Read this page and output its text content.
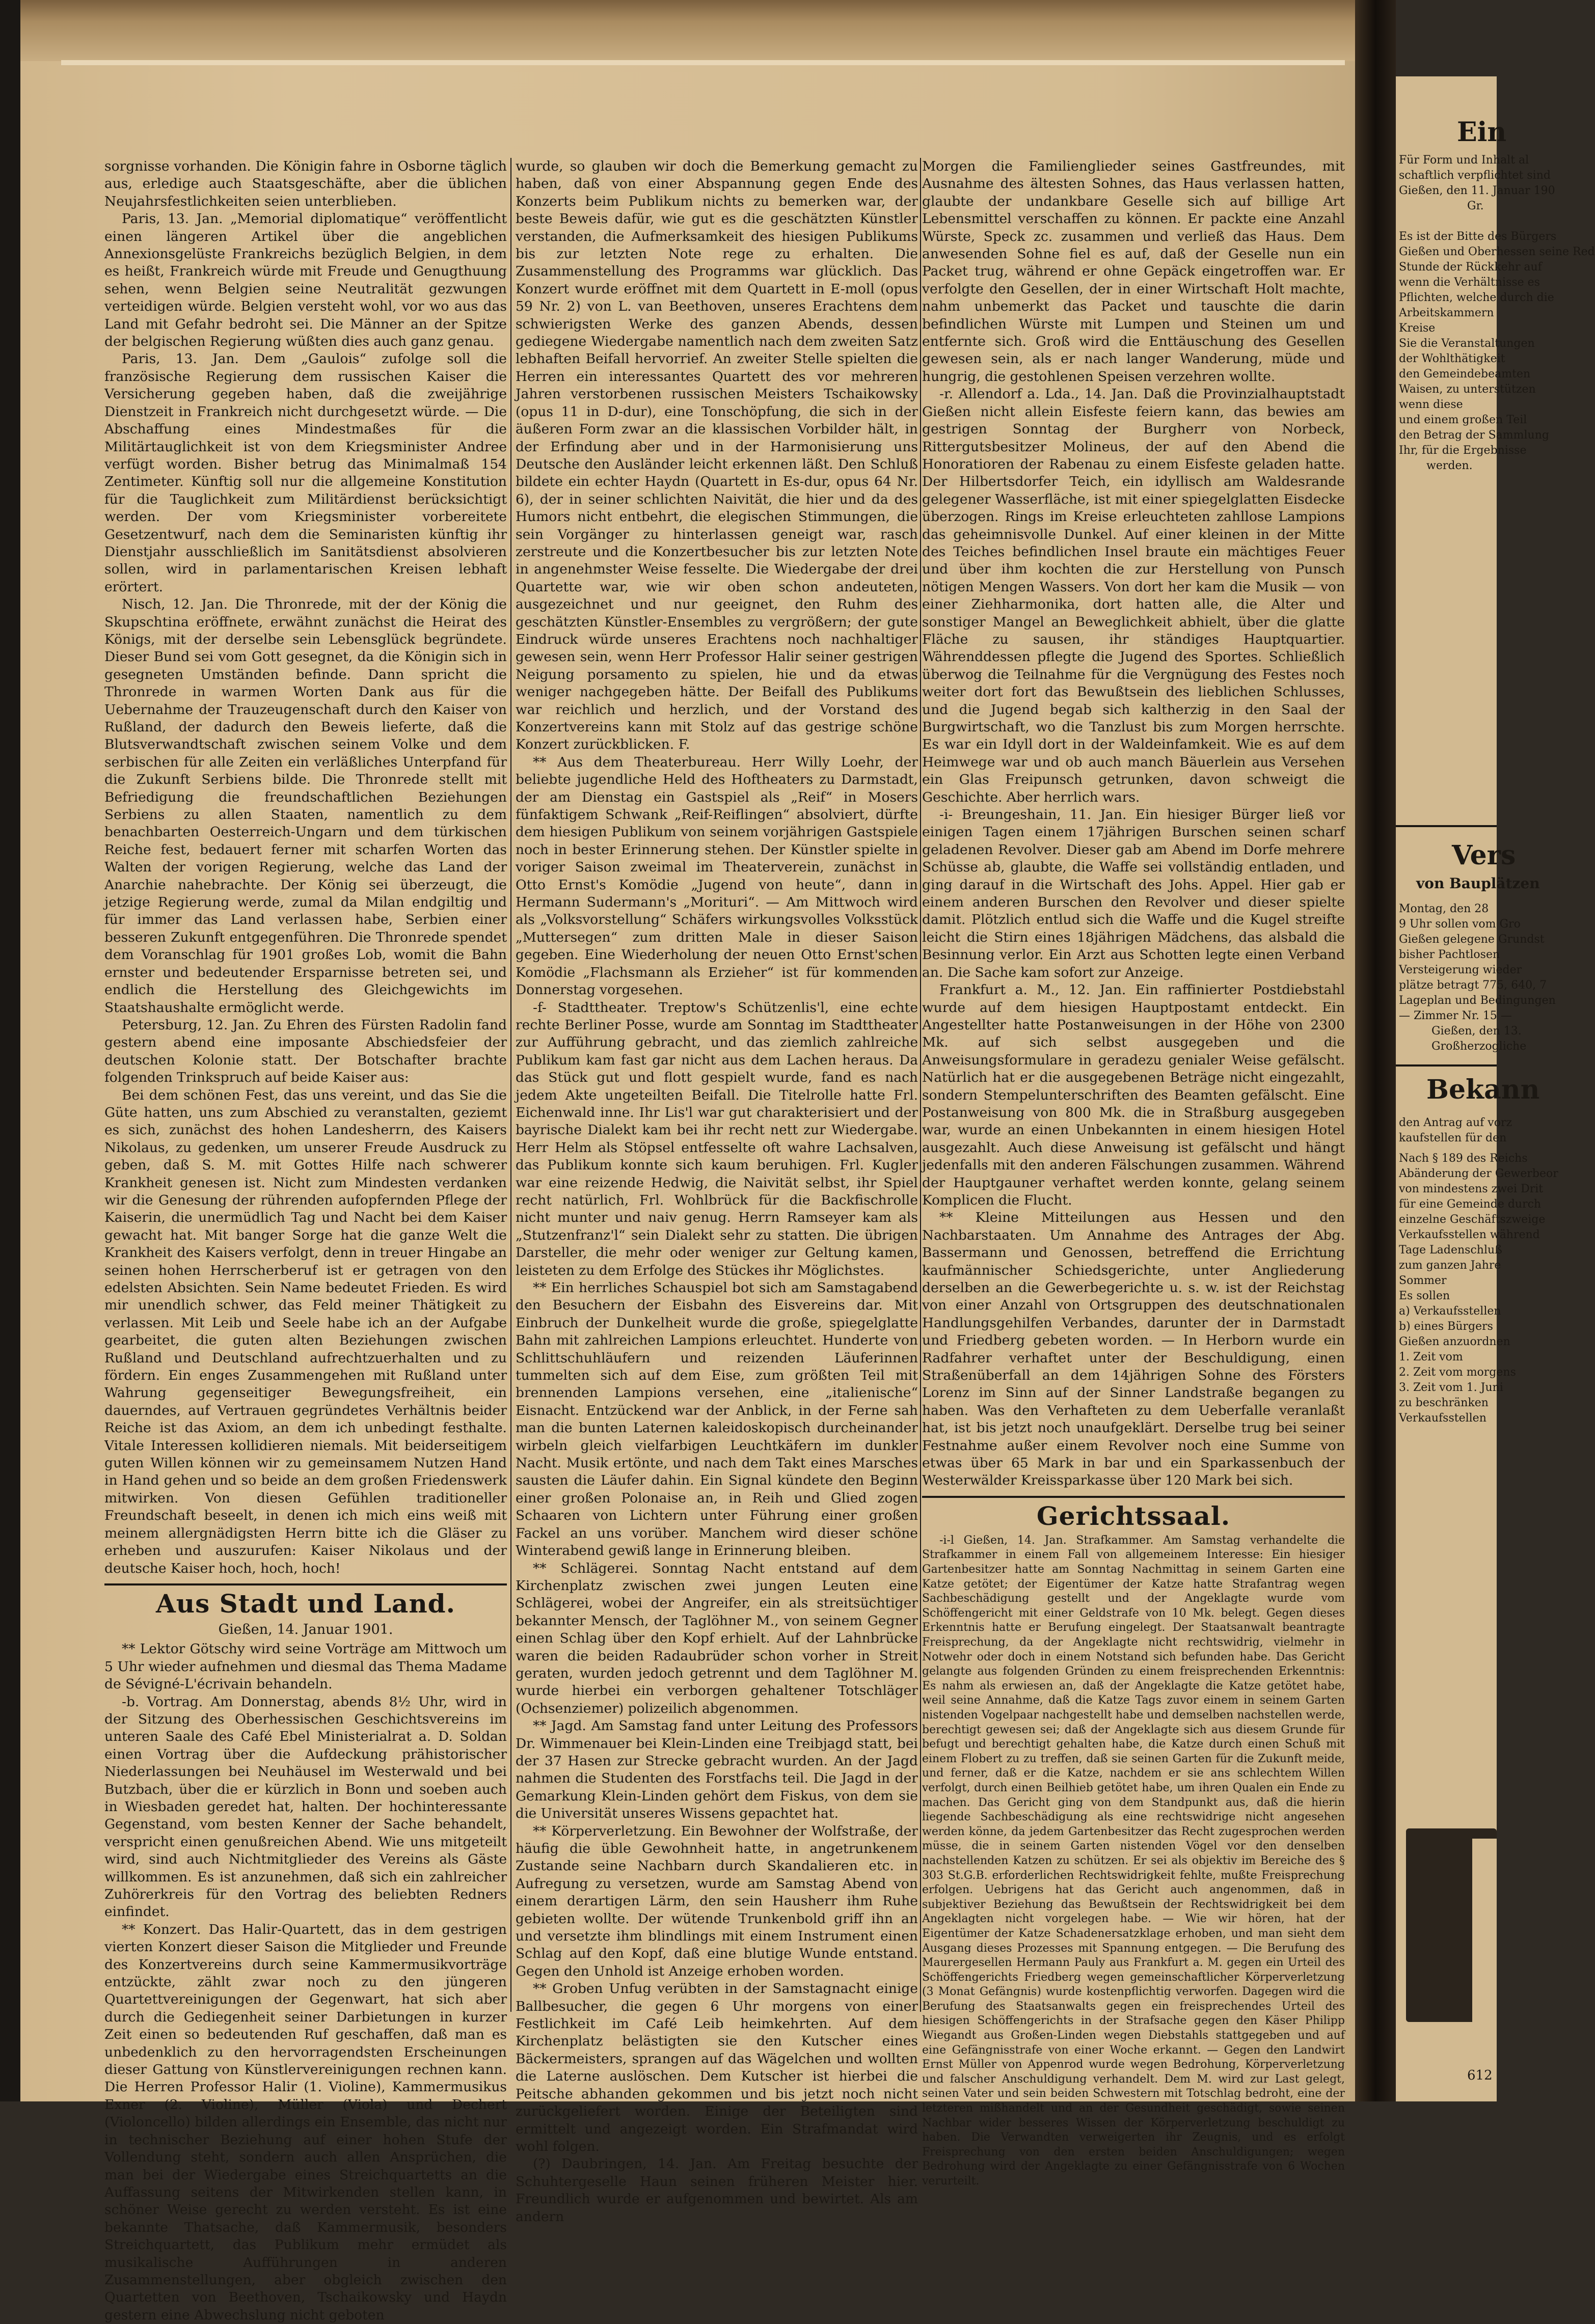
sorgnisse vorhanden. Die Königin fahre in Osborne täglich aus, erledige auch Staatsgeschäfte, aber die üblichen Neujahrsfestlichkeiten seien unterblieben.

Paris, 13. Jan. „Memorial diplomatique“ veröffentlicht einen längeren Artikel über die angeblichen Annexionsgelüste Frankreichs bezüglich Belgien, in dem es heißt, Frankreich würde mit Freude und Genugthuung sehen, wenn Belgien seine Neutralität gezwungen verteidigen würde. Belgien versteht wohl, vor wo aus das Land mit Gefahr bedroht sei. Die Männer an der Spitze der belgischen Regierung wüßten dies auch ganz genau.

Paris, 13. Jan. Dem „Gaulois“ zufolge soll die französische Regierung dem russischen Kaiser die Versicherung gegeben haben, daß die zweijährige Dienstzeit in Frankreich nicht durchgesetzt würde. — Die Abschaffung eines Mindestmaßes für die Militärtauglichkeit ist von dem Kriegsminister Andree verfügt worden. Bisher betrug das Minimalmaß 154 Zentimeter. Künftig soll nur die allgemeine Konstitution für die Tauglichkeit zum Militärdienst berücksichtigt werden. Der vom Kriegsminister vorbereitete Gesetzentwurf, nach dem die Seminaristen künftig ihr Dienstjahr ausschließlich im Sanitätsdienst absolvieren sollen, wird in parlamentarischen Kreisen lebhaft erörtert.

Nisch, 12. Jan. Die Thronrede, mit der der König die Skupschtina eröffnete, erwähnt zunächst die Heirat des Königs, mit der derselbe sein Lebensglück begründete. Dieser Bund sei vom Gott gesegnet, da die Königin sich in gesegneten Umständen befinde. Dann spricht die Thronrede in warmen Worten Dank aus für die Uebernahme der Trauzeugenschaft durch den Kaiser von Rußland, der dadurch den Beweis lieferte, daß die Blutsverwandtschaft zwischen seinem Volke und dem serbischen für alle Zeiten ein verläßliches Unterpfand für die Zukunft Serbiens bilde. Die Thronrede stellt mit Befriedigung die freundschaftlichen Beziehungen Serbiens zu allen Staaten, namentlich zu dem benachbarten Oesterreich-Ungarn und dem türkischen Reiche fest, bedauert ferner mit scharfen Worten das Walten der vorigen Regierung, welche das Land der Anarchie nahebrachte. Der König sei überzeugt, die jetzige Regierung werde, zumal da Milan endgiltig und für immer das Land verlassen habe, Serbien einer besseren Zukunft entgegenführen. Die Thronrede spendet dem Voranschlag für 1901 großes Lob, womit die Bahn ernster und bedeutender Ersparnisse betreten sei, und endlich die Herstellung des Gleichgewichts im Staatshaushalte ermöglicht werde.

Petersburg, 12. Jan. Zu Ehren des Fürsten Radolin fand gestern abend eine imposante Abschiedsfeier der deutschen Kolonie statt. Der Botschafter brachte folgenden Trinkspruch auf beide Kaiser aus:

Bei dem schönen Fest, das uns vereint, und das Sie die Güte hatten, uns zum Abschied zu veranstalten, geziemt es sich, zunächst des hohen Landesherrn, des Kaisers Nikolaus, zu gedenken, um unserer Freude Ausdruck zu geben, daß S. M. mit Gottes Hilfe nach schwerer Krankheit genesen ist. Nicht zum Mindesten verdanken wir die Genesung der rührenden aufopfernden Pflege der Kaiserin, die unermüdlich Tag und Nacht bei dem Kaiser gewacht hat. Mit banger Sorge hat die ganze Welt die Krankheit des Kaisers verfolgt, denn in treuer Hingabe an seinen hohen Herrscherberuf ist er getragen von den edelsten Absichten. Sein Name bedeutet Frieden. Es wird mir unendlich schwer, das Feld meiner Thätigkeit zu verlassen. Mit Leib und Seele habe ich an der Aufgabe gearbeitet, die guten alten Beziehungen zwischen Rußland und Deutschland aufrechtzuerhalten und zu fördern. Ein enges Zusammengehen mit Rußland unter Wahrung gegenseitiger Bewegungsfreiheit, ein dauerndes, auf Vertrauen gegründetes Verhältnis beider Reiche ist das Axiom, an dem ich unbedingt festhalte. Vitale Interessen kollidieren niemals. Mit beiderseitigem guten Willen können wir zu gemeinsamem Nutzen Hand in Hand gehen und so beide an dem großen Friedenswerk mitwirken. Von diesen Gefühlen traditioneller Freundschaft beseelt, in denen ich mich eins weiß mit meinem allergnädigsten Herrn bitte ich die Gläser zu erheben und auszurufen: Kaiser Nikolaus und der deutsche Kaiser hoch, hoch, hoch!

Aus Stadt und Land.
Gießen, 14. Januar 1901.

** Lektor Götschy wird seine Vorträge am Mittwoch um 5 Uhr wieder aufnehmen und diesmal das Thema Madame de Sévigné-L'écrivain behandeln.

-b. Vortrag. Am Donnerstag, abends 8½ Uhr, wird in der Sitzung des Oberhessischen Geschichtsvereins im unteren Saale des Café Ebel Ministerialrat a. D. Soldan einen Vortrag über die Aufdeckung prähistorischer Niederlassungen bei Neuhäusel im Westerwald und bei Butzbach, über die er kürzlich in Bonn und soeben auch in Wiesbaden geredet hat, halten. Der hochinteressante Gegenstand, vom besten Kenner der Sache behandelt, verspricht einen genußreichen Abend. Wie uns mitgeteilt wird, sind auch Nichtmitglieder des Vereins als Gäste willkommen. Es ist anzunehmen, daß sich ein zahlreicher Zuhörerkreis für den Vortrag des beliebten Redners einfindet.

** Konzert. Das Halir-Quartett, das in dem gestrigen vierten Konzert dieser Saison die Mitglieder und Freunde des Konzertvereins durch seine Kammermusikvorträge entzückte, zählt zwar noch zu den jüngeren Quartettvereinigungen der Gegenwart, hat sich aber durch die Gediegenheit seiner Darbietungen in kurzer Zeit einen so bedeutenden Ruf geschaffen, daß man es unbedenklich zu den hervorragendsten Erscheinungen dieser Gattung von Künstlervereinigungen rechnen kann. Die Herren Professor Halir (1. Violine), Kammermusikus Exner (2. Violine), Müller (Viola) und Dechert (Violoncello) bilden allerdings ein Ensemble, das nicht nur in technischer Beziehung auf einer hohen Stufe der Vollendung steht, sondern auch allen Ansprüchen, die man bei der Wiedergabe eines Streichquartetts an die Auffassung seitens der Mitwirkenden stellen kann, in schöner Weise gerecht zu werden versteht. Es ist eine bekannte Thatsache, daß Kammermusik, besonders Streichquartett, das Publikum mehr ermüdet als musikalische Aufführungen in anderen Zusammenstellungen, aber obgleich zwischen den Quartetten von Beethoven, Tschaikowsky und Haydn gestern eine Abwechslung nicht geboten

wurde, so glauben wir doch die Bemerkung gemacht zu haben, daß von einer Abspannung gegen Ende des Konzerts beim Publikum nichts zu bemerken war, der beste Beweis dafür, wie gut es die geschätzten Künstler verstanden, die Aufmerksamkeit des hiesigen Publikums bis zur letzten Note rege zu erhalten. Die Zusammenstellung des Programms war glücklich. Das Konzert wurde eröffnet mit dem Quartett in E-moll (opus 59 Nr. 2) von L. van Beethoven, unseres Erachtens dem schwierigsten Werke des ganzen Abends, dessen gediegene Wiedergabe namentlich nach dem zweiten Satz lebhaften Beifall hervorrief. An zweiter Stelle spielten die Herren ein interessantes Quartett des vor mehreren Jahren verstorbenen russischen Meisters Tschaikowsky (opus 11 in D-dur), eine Tonschöpfung, die sich in der äußeren Form zwar an die klassischen Vorbilder hält, in der Erfindung aber und in der Harmonisierung uns Deutsche den Ausländer leicht erkennen läßt. Den Schluß bildete ein echter Haydn (Quartett in Es-dur, opus 64 Nr. 6), der in seiner schlichten Naivität, die hier und da des Humors nicht entbehrt, die elegischen Stimmungen, die sein Vorgänger zu hinterlassen geneigt war, rasch zerstreute und die Konzertbesucher bis zur letzten Note in angenehmster Weise fesselte. Die Wiedergabe der drei Quartette war, wie wir oben schon andeuteten, ausgezeichnet und nur geeignet, den Ruhm des geschätzten Künstler-Ensembles zu vergrößern; der gute Eindruck würde unseres Erachtens noch nachhaltiger gewesen sein, wenn Herr Professor Halir seiner gestrigen Neigung porsamento zu spielen, hie und da etwas weniger nachgegeben hätte. Der Beifall des Publikums war reichlich und herzlich, und der Vorstand des Konzertvereins kann mit Stolz auf das gestrige schöne Konzert zurückblicken. F.

** Aus dem Theaterbureau. Herr Willy Loehr, der beliebte jugendliche Held des Hoftheaters zu Darmstadt, der am Dienstag ein Gastspiel als „Reif“ in Mosers fünfaktigem Schwank „Reif-Reiflingen“ absolviert, dürfte dem hiesigen Publikum von seinem vorjährigen Gastspiele noch in bester Erinnerung stehen. Der Künstler spielte in voriger Saison zweimal im Theaterverein, zunächst in Otto Ernst's Komödie „Jugend von heute“, dann in Hermann Sudermann's „Morituri“. — Am Mittwoch wird als „Volksvorstellung“ Schäfers wirkungsvolles Volksstück „Muttersegen“ zum dritten Male in dieser Saison gegeben. Eine Wiederholung der neuen Otto Ernst'schen Komödie „Flachsmann als Erzieher“ ist für kommenden Donnerstag vorgesehen.

-f- Stadttheater. Treptow's Schützenlis'l, eine echte rechte Berliner Posse, wurde am Sonntag im Stadttheater zur Aufführung gebracht, und das ziemlich zahlreiche Publikum kam fast gar nicht aus dem Lachen heraus. Da das Stück gut und flott gespielt wurde, fand es nach jedem Akte ungeteilten Beifall. Die Titelrolle hatte Frl. Eichenwald inne. Ihr Lis'l war gut charakterisiert und der bayrische Dialekt kam bei ihr recht nett zur Wiedergabe. Herr Helm als Stöpsel entfesselte oft wahre Lachsalven, das Publikum konnte sich kaum beruhigen. Frl. Kugler war eine reizende Hedwig, die Naivität selbst, ihr Spiel recht natürlich, Frl. Wohlbrück für die Backfischrolle nicht munter und naiv genug. Herrn Ramseyer kam als „Stutzenfranz'l“ sein Dialekt sehr zu statten. Die übrigen Darsteller, die mehr oder weniger zur Geltung kamen, leisteten zu dem Erfolge des Stückes ihr Möglichstes.

** Ein herrliches Schauspiel bot sich am Samstagabend den Besuchern der Eisbahn des Eisvereins dar. Mit Einbruch der Dunkelheit wurde die große, spiegelglatte Bahn mit zahlreichen Lampions erleuchtet. Hunderte von Schlittschuhläufern und reizenden Läuferinnen tummelten sich auf dem Eise, zum größten Teil mit brennenden Lampions versehen, eine „italienische“ Eisnacht. Entzückend war der Anblick, in der Ferne sah man die bunten Laternen kaleidoskopisch durcheinander wirbeln gleich vielfarbigen Leuchtkäfern im dunkler Nacht. Musik ertönte, und nach dem Takt eines Marsches sausten die Läufer dahin. Ein Signal kündete den Beginn einer großen Polonaise an, in Reih und Glied zogen Schaaren von Lichtern unter Führung einer großen Fackel an uns vorüber. Manchem wird dieser schöne Winterabend gewiß lange in Erinnerung bleiben.

** Schlägerei. Sonntag Nacht entstand auf dem Kirchenplatz zwischen zwei jungen Leuten eine Schlägerei, wobei der Angreifer, ein als streitsüchtiger bekannter Mensch, der Taglöhner M., von seinem Gegner einen Schlag über den Kopf erhielt. Auf der Lahnbrücke waren die beiden Radaubrüder schon vorher in Streit geraten, wurden jedoch getrennt und dem Taglöhner M. wurde hierbei ein verborgen gehaltener Totschläger (Ochsenziemer) polizeilich abgenommen.

** Jagd. Am Samstag fand unter Leitung des Professors Dr. Wimmenauer bei Klein-Linden eine Treibjagd statt, bei der 37 Hasen zur Strecke gebracht wurden. An der Jagd nahmen die Studenten des Forstfachs teil. Die Jagd in der Gemarkung Klein-Linden gehört dem Fiskus, von dem sie die Universität unseres Wissens gepachtet hat.

** Körperverletzung. Ein Bewohner der Wolfstraße, der häufig die üble Gewohnheit hatte, in angetrunkenem Zustande seine Nachbarn durch Skandalieren etc. in Aufregung zu versetzen, wurde am Samstag Abend von einem derartigen Lärm, den sein Hausherr ihm Ruhe gebieten wollte. Der wütende Trunkenbold griff ihn an und versetzte ihm blindlings mit einem Instrument einen Schlag auf den Kopf, daß eine blutige Wunde entstand. Gegen den Unhold ist Anzeige erhoben worden.

** Groben Unfug verübten in der Samstagnacht einige Ballbesucher, die gegen 6 Uhr morgens von einer Festlichkeit im Café Leib heimkehrten. Auf dem Kirchenplatz belästigten sie den Kutscher eines Bäckermeisters, sprangen auf das Wägelchen und wollten die Laterne auslöschen. Dem Kutscher ist hierbei die Peitsche abhanden gekommen und bis jetzt noch nicht zurückgeliefert worden. Einige der Beteiligten sind ermittelt und angezeigt worden. Ein Strafmandat wird wohl folgen.

(?) Daubringen, 14. Jan. Am Freitag besuchte der Schuhtergeselle Haun seinen früheren Meister hier. Freundlich wurde er aufgenommen und bewirtet. Als am andern

Morgen die Familienglieder seines Gastfreundes, mit Ausnahme des ältesten Sohnes, das Haus verlassen hatten, glaubte der undankbare Geselle sich auf billige Art Lebensmittel verschaffen zu können. Er packte eine Anzahl Würste, Speck zc. zusammen und verließ das Haus. Dem anwesenden Sohne fiel es auf, daß der Geselle nun ein Packet trug, während er ohne Gepäck eingetroffen war. Er verfolgte den Gesellen, der in einer Wirtschaft Holt machte, nahm unbemerkt das Packet und tauschte die darin befindlichen Würste mit Lumpen und Steinen um und entfernte sich. Groß wird die Enttäuschung des Gesellen gewesen sein, als er nach langer Wanderung, müde und hungrig, die gestohlenen Speisen verzehren wollte.

-r. Allendorf a. Lda., 14. Jan. Daß die Provinzialhauptstadt Gießen nicht allein Eisfeste feiern kann, das bewies am gestrigen Sonntag der Burgherr von Norbeck, Rittergutsbesitzer Molineus, der auf den Abend die Honoratioren der Rabenau zu einem Eisfeste geladen hatte. Der Hilbertsdorfer Teich, ein idyllisch am Waldesrande gelegener Wasserfläche, ist mit einer spiegelglatten Eisdecke überzogen. Rings im Kreise erleuchteten zahllose Lampions das geheimnisvolle Dunkel. Auf einer kleinen in der Mitte des Teiches befindlichen Insel braute ein mächtiges Feuer und über ihm kochten die zur Herstellung von Punsch nötigen Mengen Wassers. Von dort her kam die Musik — von einer Ziehharmonika, dort hatten alle, die Alter und sonstiger Mangel an Beweglichkeit abhielt, über die glatte Fläche zu sausen, ihr ständiges Hauptquartier. Währenddessen pflegte die Jugend des Sportes. Schließlich überwog die Teilnahme für die Vergnügung des Festes noch weiter dort fort das Bewußtsein des lieblichen Schlusses, und die Jugend begab sich kaltherzig in den Saal der Burgwirtschaft, wo die Tanzlust bis zum Morgen herrschte. Es war ein Idyll dort in der Waldeinfamkeit. Wie es auf dem Heimwege war und ob auch manch Bäuerlein aus Versehen ein Glas Freipunsch getrunken, davon schweigt die Geschichte. Aber herrlich wars.

-i- Breungeshain, 11. Jan. Ein hiesiger Bürger ließ vor einigen Tagen einem 17jährigen Burschen seinen scharf geladenen Revolver. Dieser gab am Abend im Dorfe mehrere Schüsse ab, glaubte, die Waffe sei vollständig entladen, und ging darauf in die Wirtschaft des Johs. Appel. Hier gab er einem anderen Burschen den Revolver und dieser spielte damit. Plötzlich entlud sich die Waffe und die Kugel streifte leicht die Stirn eines 18jährigen Mädchens, das alsbald die Besinnung verlor. Ein Arzt aus Schotten legte einen Verband an. Die Sache kam sofort zur Anzeige.

Frankfurt a. M., 12. Jan. Ein raffinierter Postdiebstahl wurde auf dem hiesigen Hauptpostamt entdeckt. Ein Angestellter hatte Postanweisungen in der Höhe von 2300 Mk. auf sich selbst ausgegeben und die Anweisungsformulare in geradezu genialer Weise gefälscht. Natürlich hat er die ausgegebenen Beträge nicht eingezahlt, sondern Stempelunterschriften des Beamten gefälscht. Eine Postanweisung von 800 Mk. die in Straßburg ausgegeben war, wurde an einen Unbekannten in einem hiesigen Hotel ausgezahlt. Auch diese Anweisung ist gefälscht und hängt jedenfalls mit den anderen Fälschungen zusammen. Während der Hauptgauner verhaftet werden konnte, gelang seinem Komplicen die Flucht.

** Kleine Mitteilungen aus Hessen und den Nachbarstaaten. Um Annahme des Antrages der Abg. Bassermann und Genossen, betreffend die Errichtung kaufmännischer Schiedsgerichte, unter Angliederung derselben an die Gewerbegerichte u. s. w. ist der Reichstag von einer Anzahl von Ortsgruppen des deutschnationalen Handlungsgehilfen Verbandes, darunter der in Darmstadt und Friedberg gebeten worden. — In Herborn wurde ein Radfahrer verhaftet unter der Beschuldigung, einen Straßenüberfall an dem 14jährigen Sohne des Försters Lorenz im Sinn auf der Sinner Landstraße begangen zu haben. Was den Verhafteten zu dem Ueberfalle veranlaßt hat, ist bis jetzt noch unaufgeklärt. Derselbe trug bei seiner Festnahme außer einem Revolver noch eine Summe von etwas über 65 Mark in bar und ein Sparkassenbuch der Westerwälder Kreissparkasse über 120 Mark bei sich.

Gerichtssaal.

-i-l Gießen, 14. Jan. Strafkammer. Am Samstag verhandelte die Strafkammer in einem Fall von allgemeinem Interesse: Ein hiesiger Gartenbesitzer hatte am Sonntag Nachmittag in seinem Garten eine Katze getötet; der Eigentümer der Katze hatte Strafantrag wegen Sachbeschädigung gestellt und der Angeklagte wurde vom Schöffengericht mit einer Geldstrafe von 10 Mk. belegt. Gegen dieses Erkenntnis hatte er Berufung eingelegt. Der Staatsanwalt beantragte Freisprechung, da der Angeklagte nicht rechtswidrig, vielmehr in Notwehr oder doch in einem Notstand sich befunden habe. Das Gericht gelangte aus folgenden Gründen zu einem freisprechenden Erkenntnis: Es nahm als erwiesen an, daß der Angeklagte die Katze getötet habe, weil seine Annahme, daß die Katze Tags zuvor einem in seinem Garten nistenden Vogelpaar nachgestellt habe und demselben nachstellen werde, berechtigt gewesen sei; daß der Angeklagte sich aus diesem Grunde für befugt und berechtigt gehalten habe, die Katze durch einen Schuß mit einem Flobert zu zu treffen, daß sie seinen Garten für die Zukunft meide, und ferner, daß er die Katze, nachdem er sie ans schlechtem Willen verfolgt, durch einen Beilhieb getötet habe, um ihren Qualen ein Ende zu machen. Das Gericht ging von dem Standpunkt aus, daß die hierin liegende Sachbeschädigung als eine rechtswidrige nicht angesehen werden könne, da jedem Gartenbesitzer das Recht zugesprochen werden müsse, die in seinem Garten nistenden Vögel vor den denselben nachstellenden Katzen zu schützen. Er sei als objektiv im Bereiche des § 303 St.G.B. erforderlichen Rechtswidrigkeit fehlte, mußte Freisprechung erfolgen. Uebrigens hat das Gericht auch angenommen, daß in subjektiver Beziehung das Bewußtsein der Rechtswidrigkeit bei dem Angeklagten nicht vorgelegen habe. — Wie wir hören, hat der Eigentümer der Katze Schadenersatzklage erhoben, und man sieht dem Ausgang dieses Prozesses mit Spannung entgegen. — Die Berufung des Maurergesellen Hermann Pauly aus Frankfurt a. M. gegen ein Urteil des Schöffengerichts Friedberg wegen gemeinschaftlicher Körperverletzung (3 Monat Gefängnis) wurde kostenpflichtig verworfen. Dagegen wird die Berufung des Staatsanwalts gegen ein freisprechendes Urteil des hiesigen Schöffengerichts in der Strafsache gegen den Käser Philipp Wiegandt aus Großen-Linden wegen Diebstahls stattgegeben und auf eine Gefängnisstrafe von einer Woche erkannt. — Gegen den Landwirt Ernst Müller von Appenrod wurde wegen Bedrohung, Körperverletzung und falscher Anschuldigung verhandelt. Dem M. wird zur Last gelegt, seinen Vater und sein beiden Schwestern mit Totschlag bedroht, eine der letzteren mißhandelt und an der Gesundheit geschädigt, sowie seinen Nachbar wider besseres Wissen der Körperverletzung beschuldigt zu haben. Die Verwandten verweigerten ihr Zeugnis, und es erfolgt Freisprechung von den ersten beiden Anschuldigungen; wegen Bedrohung wird der Angeklagte zu einer Gefängnisstrafe von 6 Wochen verurteilt.

Ein
Für Form und Inhalt al
schaftlich verpflichtet sind
Gießen, den 11. Januar 190
Gr.
Es ist der Bitte des Bürgers
Gießen und Oberhessen seine Red
Stunde der Rückkehr auf
wenn die Verhältnisse es
Pflichten, welche durch die
Arbeitskammern
Kreise
Sie die Veranstaltungen
der Wohlthätigkeit
den Gemeindebeamten
Waisen, zu unterstützen
wenn diese
und einem großen Teil
den Betrag der Sammlung
Ihr, für die Ergebnisse
werden.
Vers
von Bauplätzen
Montag, den 28
9 Uhr sollen vom Gro
Gießen gelegene Grundst
bisher Pachtlosen
Versteigerung wieder
plätze betragt 775, 640, 7
Lageplan und Bedingungen
— Zimmer Nr. 15 —
Gießen, den 13.
Großherzogliche
Bekann
den Antrag auf vorz
kaufstellen für den
Nach § 189 des Reichs
Abänderung der Gewerbeor
von mindestens zwei Drit
für eine Gemeinde durch
einzelne Geschäftszweige
Verkaufsstellen während
Tage Ladenschluß
zum ganzen Jahre
Sommer
Es sollen
a) Verkaufsstellen
b) eines Bürgers
Gießen anzuordnen
1. Zeit vom
2. Zeit vom morgens
3. Zeit vom 1. Juni
zu beschränken
Verkaufsstellen
612
